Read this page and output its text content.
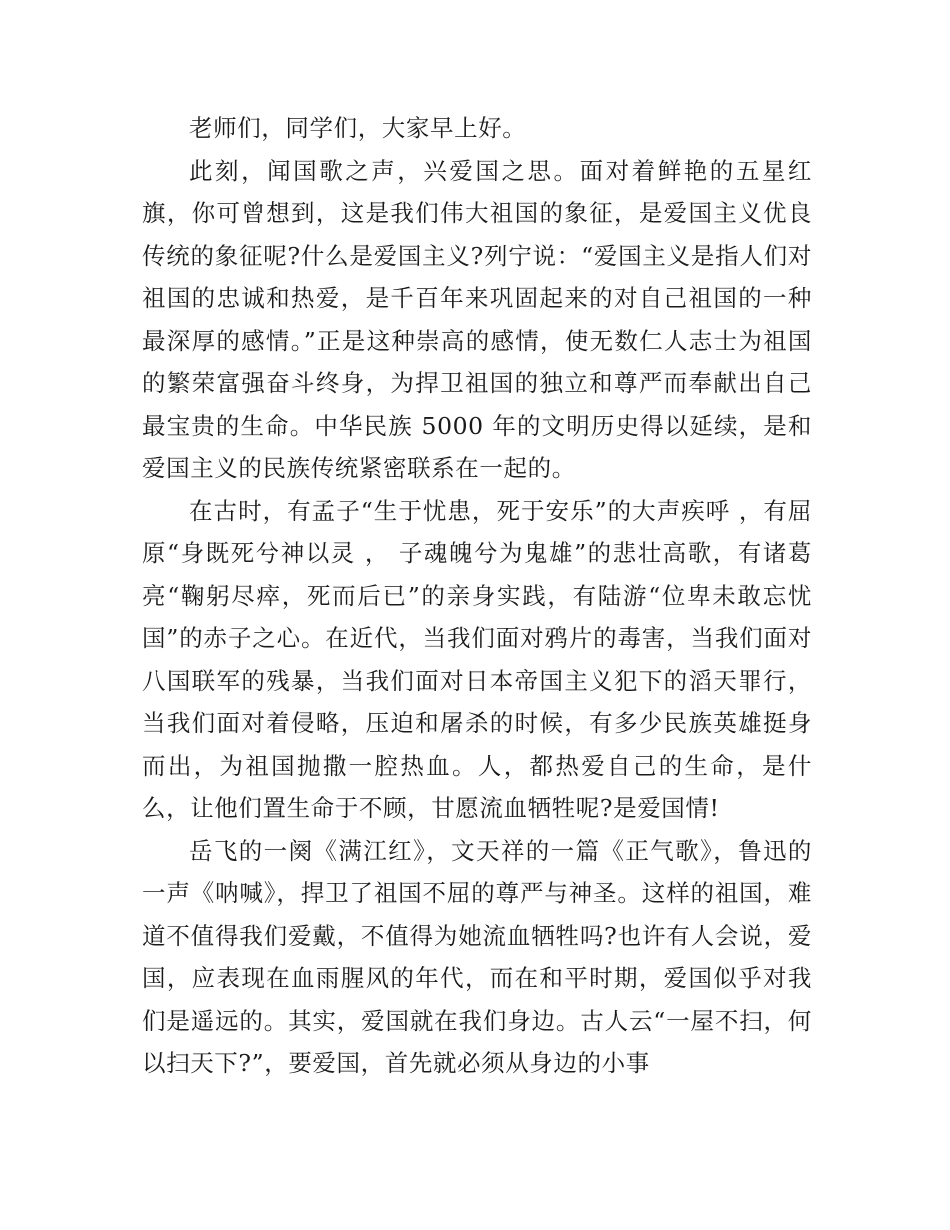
老师们，同学们，大家早上好。

此刻，闻国歌之声，兴爱国之思。面对着鲜艳的五星红旗，你可曾想到，这是我们伟大祖国的象征，是爱国主义优良传统的象征呢?什么是爱国主义?列宁说：“爱国主义是指人们对祖国的忠诚和热爱，是千百年来巩固起来的对自己祖国的一种最深厚的感情。”正是这种崇高的感情，使无数仁人志士为祖国的繁荣富强奋斗终身，为捍卫祖国的独立和尊严而奉献出自己最宝贵的生命。中华民族 5000 年的文明历史得以延续，是和爱国主义的民族传统紧密联系在一起的。

在古时，有孟子“生于忧患，死于安乐”的大声疾呼 ，有屈原“身既死兮神以灵 ， 子魂魄兮为鬼雄”的悲壮高歌，有诸葛亮“鞠躬尽瘁，死而后已”的亲身实践，有陆游“位卑未敢忘忧国”的赤子之心。在近代，当我们面对鸦片的毒害，当我们面对八国联军的残暴，当我们面对日本帝国主义犯下的滔天罪行，当我们面对着侵略，压迫和屠杀的时候，有多少民族英雄挺身而出，为祖国抛撒一腔热血。人，都热爱自己的生命，是什么，让他们置生命于不顾，甘愿流血牺牲呢?是爱国情!

岳飞的一阕《满江红》，文天祥的一篇《正气歌》，鲁迅的一声《呐喊》，捍卫了祖国不屈的尊严与神圣。这样的祖国，难道不值得我们爱戴，不值得为她流血牺牲吗?也许有人会说，爱国，应表现在血雨腥风的年代，而在和平时期，爱国似乎对我们是遥远的。其实，爱国就在我们身边。古人云“一屋不扫，何以扫天下?”，要爱国，首先就必须从身边的小事
